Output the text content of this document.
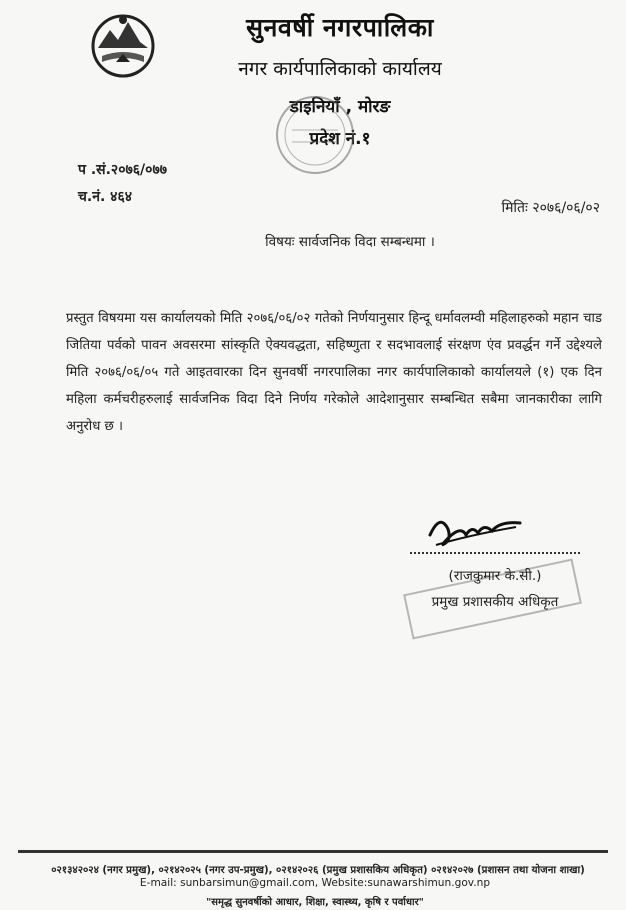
सुनवर्षी नगरपालिका
नगर कार्यपालिकाको कार्यालय
डाइनियाँ , मोरङ
प्रदेश नं.१
प .सं.२०७६/०७७
च.नं. ४६४
मितिः २०७६/०६/०२
विषयः सार्वजनिक विदा सम्बन्धमा ।
प्रस्तुत विषयमा यस कार्यालयको मिति २०७६/०६/०२ गतेको निर्णयानुसार हिन्दू धर्मावलम्वी महिलाहरुको महान चाड जितिया पर्वको पावन अवसरमा सांस्कृति ऐक्यवद्धता, सहिष्णुता र सदभावलाई संरक्षण एंव प्रवर्द्धन गर्ने उद्देश्यले मिति २०७६/०६/०५ गते आइतवारका दिन सुनवर्षी नगरपालिका नगर कार्यपालिकाको कार्यालयले (१) एक दिन महिला कर्मचरीहरुलाई सार्वजनिक विदा दिने निर्णय गरेकोले आदेशानुसार सम्बन्धित सबैमा जानकारीका लागि अनुरोध छ ।
(राजकुमार के.सी.)
प्रमुख प्रशासकीय अधिकृत
०२१३४२०२४ (नगर प्रमुख), ०२१४२०२५ (नगर उप-प्रमुख), ०२१४२०२६ (प्रमुख प्रशासकिय अधिकृत) ०२१४२०२७ (प्रशासन तथा योजना शाखा)
E-mail: sunbarsimun@gmail.com, Website:sunawarshimun.gov.np
"समृद्ध सुनवर्षीको आधार, शिक्षा, स्वास्थ्य, कृषि र पर्वाधार"
